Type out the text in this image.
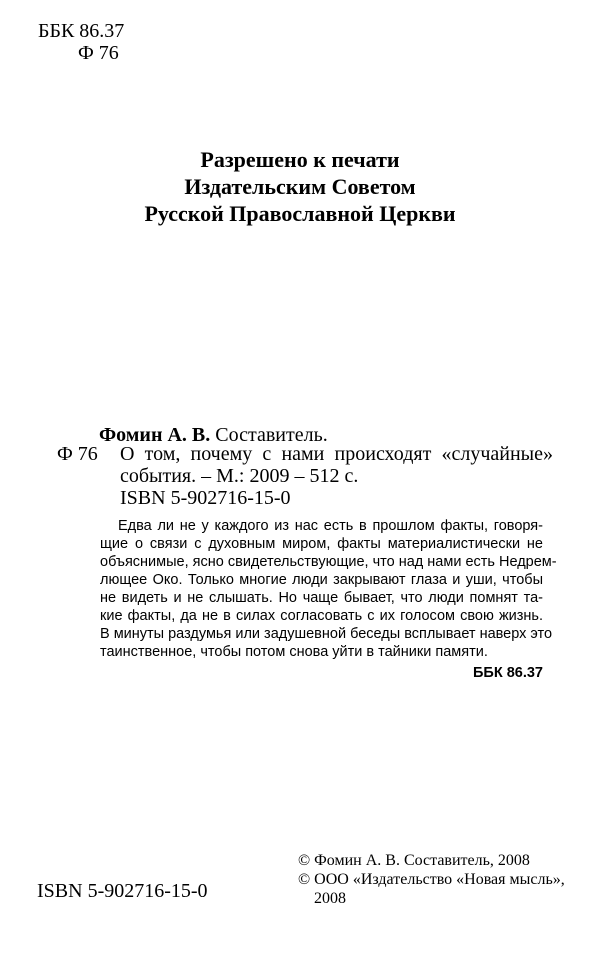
ББК 86.37
Ф 76
Разрешено к печати
Издательским Советом
Русской Православной Церкви
Фомин А. В. Составитель.
Ф 76 О том, почему с нами происходят «случайные»
события. – М.: 2009 – 512 с.
ISBN 5-902716-15-0
Едва ли не у каждого из нас есть в прошлом факты, говоря-
щие о связи с духовным миром, факты материалистически не
объяснимые, ясно свидетельствующие, что над нами есть Недрем-
лющее Око. Только многие люди закрывают глаза и уши, чтобы
не видеть и не слышать. Но чаще бывает, что люди помнят та-
кие факты, да не в силах согласовать с их голосом свою жизнь.
В минуты раздумья или задушевной беседы всплывает наверх это
таинственное, чтобы потом снова уйти в тайники памяти.
ББК 86.37
© Фомин А. В. Составитель, 2008
© ООО «Издательство «Новая мысль»,
2008
ISBN 5-902716-15-0
